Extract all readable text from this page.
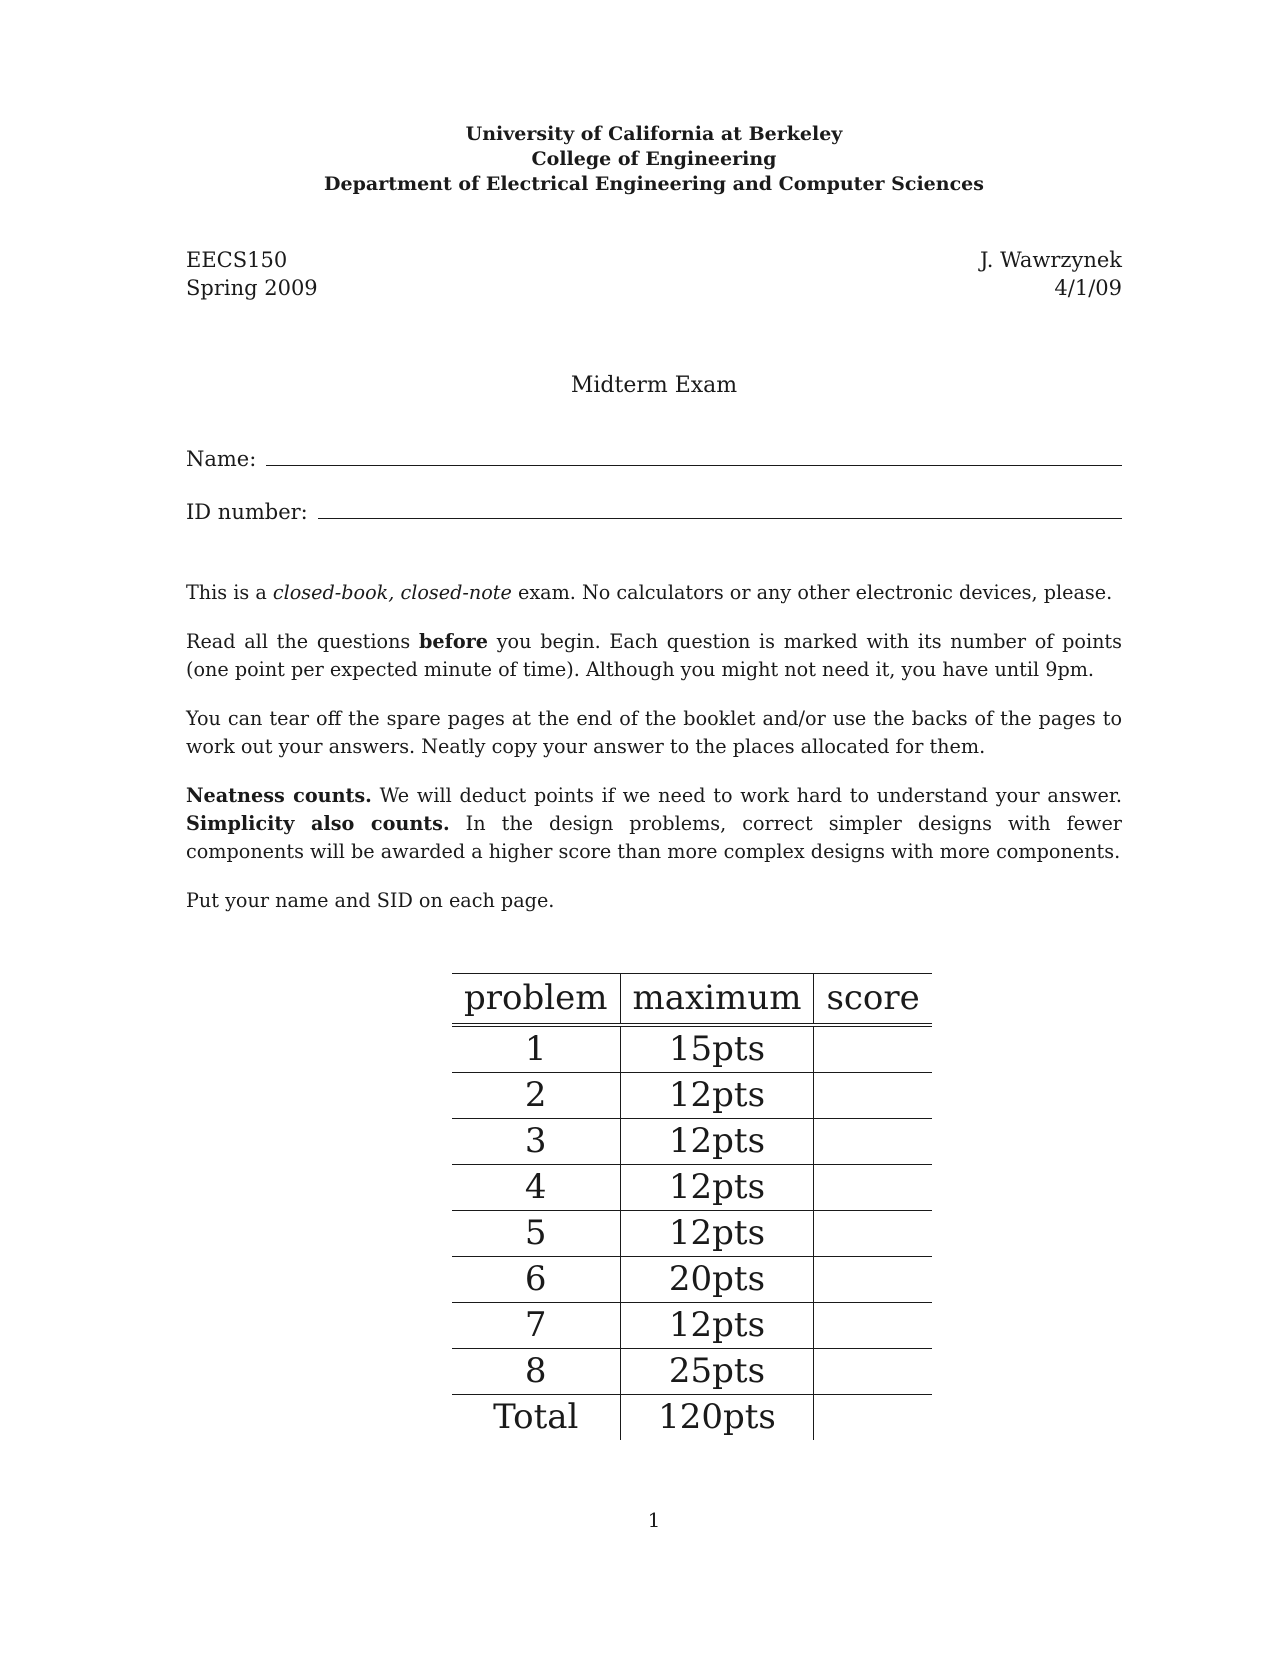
University of California at Berkeley
College of Engineering
Department of Electrical Engineering and Computer Sciences
EECS150
Spring 2009
J. Wawrzynek
4/1/09
Midterm Exam
Name:
ID number:

This is a closed-book, closed-note exam. No calculators or any other electronic devices, please.

Read all the questions before you begin. Each question is marked with its number of points (one point per expected minute of time). Although you might not need it, you have until 9pm.

You can tear off the spare pages at the end of the booklet and/or use the backs of the pages to work out your answers. Neatly copy your answer to the places allocated for them.

Neatness counts. We will deduct points if we need to work hard to understand your answer. Simplicity also counts. In the design problems, correct simpler designs with fewer components will be awarded a higher score than more complex designs with more components.

Put your name and SID on each page.

problem	maximum	score
1	15pts	
2	12pts	
3	12pts	
4	12pts	
5	12pts	
6	20pts	
7	12pts	
8	25pts	
Total	120pts	
1
